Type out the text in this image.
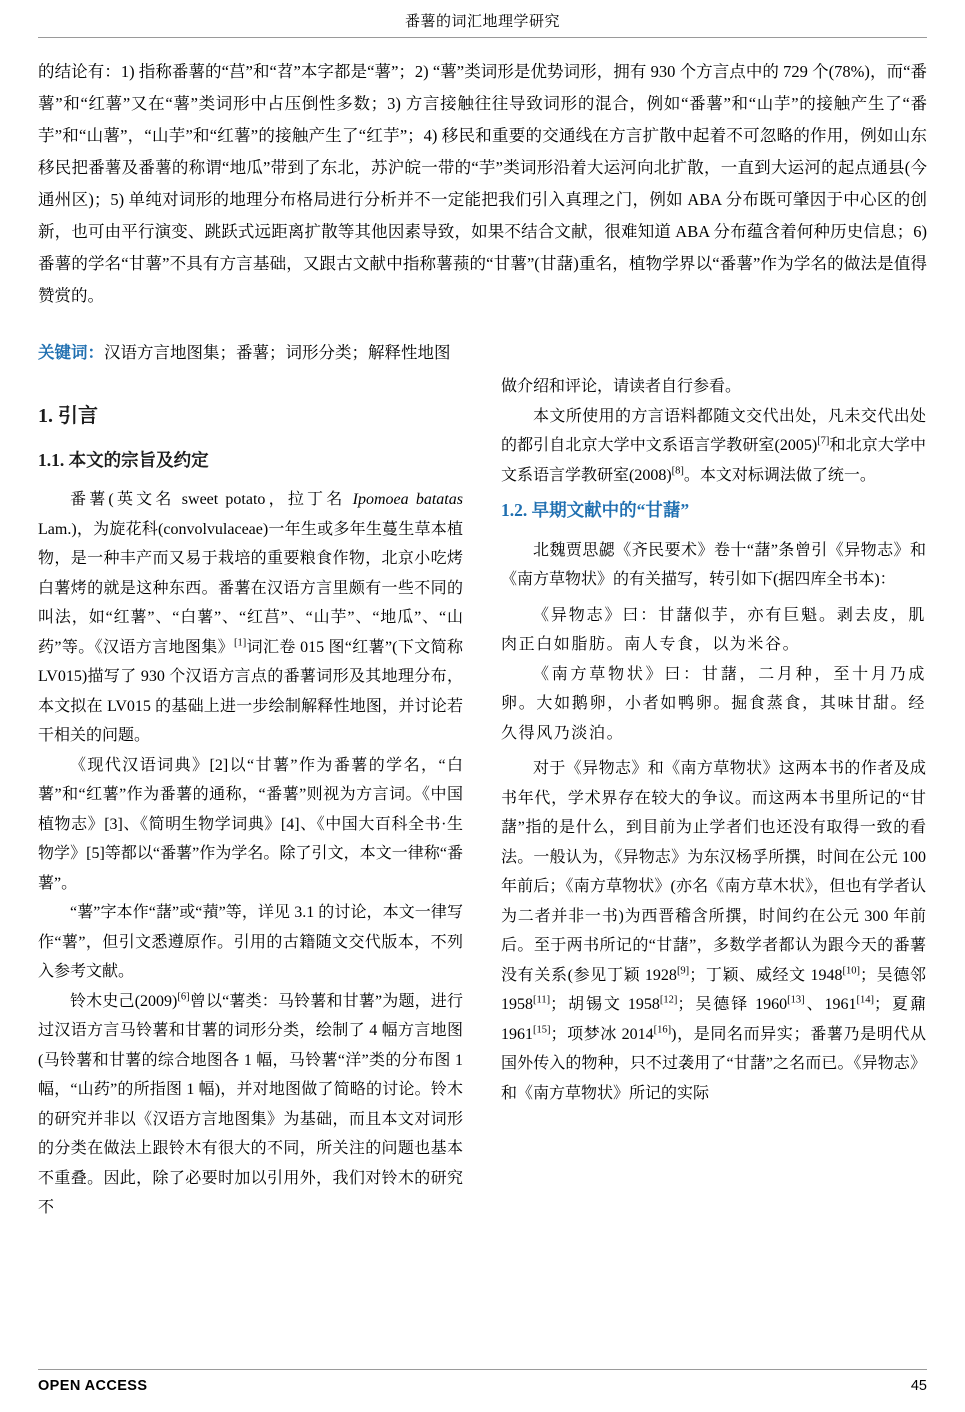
番薯的词汇地理学研究

的结论有：1) 指称番薯的“莒”和“苕”本字都是“薯”；2) “薯”类词形是优势词形，拥有 930 个方言点中的 729 个(78%)，而“番薯”和“红薯”又在“薯”类词形中占压倒性多数；3) 方言接触往往导致词形的混合，例如“番薯”和“山芋”的接触产生了“番芋”和“山薯”，“山芋”和“红薯”的接触产生了“红芋”；4) 移民和重要的交通线在方言扩散中起着不可忽略的作用，例如山东移民把番薯及番薯的称谓“地瓜”带到了东北，苏沪皖一带的“芋”类词形沿着大运河向北扩散，一直到大运河的起点通县(今通州区)；5) 单纯对词形的地理分布格局进行分析并不一定能把我们引入真理之门，例如 ABA 分布既可肇因于中心区的创新，也可由平行演变、跳跃式远距离扩散等其他因素导致，如果不结合文献，很难知道 ABA 分布蕴含着何种历史信息；6) 番薯的学名“甘薯”不具有方言基础，又跟古文献中指称薯蓣的“甘薯”(甘藷)重名，植物学界以“番薯”作为学名的做法是值得赞赏的。

关键词：汉语方言地图集；番薯；词形分类；解释性地图
1. 引言
1.1. 本文的宗旨及约定

番薯(英文名 sweet potato，拉丁名 Ipomoea batatas Lam.)，为旋花科(convolvulaceae)一年生或多年生蔓生草本植物，是一种丰产而又易于栽培的重要粮食作物，北京小吃烤白薯烤的就是这种东西。番薯在汉语方言里颇有一些不同的叫法，如“红薯”、“白薯”、“红莒”、“山芋”、“地瓜”、“山药”等。《汉语方言地图集》[1]词汇卷 015 图“红薯”(下文简称 LV015)描写了 930 个汉语方言点的番薯词形及其地理分布，本文拟在 LV015 的基础上进一步绘制解释性地图，并讨论若干相关的问题。

《现代汉语词典》[2]以“甘薯”作为番薯的学名，“白薯”和“红薯”作为番薯的通称，“番薯”则视为方言词。《中国植物志》[3]、《简明生物学词典》[4]、《中国大百科全书·生物学》[5]等都以“番薯”作为学名。除了引文，本文一律称“番薯”。

“薯”字本作“藷”或“蕷”等，详见 3.1 的讨论，本文一律写作“薯”，但引文悉遵原作。引用的古籍随文交代版本，不列入参考文献。

铃木史己(2009)[6]曾以“薯类：马铃薯和甘薯”为题，进行过汉语方言马铃薯和甘薯的词形分类，绘制了 4 幅方言地图(马铃薯和甘薯的综合地图各 1 幅，马铃薯“洋”类的分布图 1 幅，“山药”的所指图 1 幅)，并对地图做了简略的讨论。铃木的研究并非以《汉语方言地图集》为基础，而且本文对词形的分类在做法上跟铃木有很大的不同，所关注的问题也基本不重叠。因此，除了必要时加以引用外，我们对铃木的研究不

做介绍和评论，请读者自行参看。

本文所使用的方言语料都随文交代出处，凡未交代出处的都引自北京大学中文系语言学教研室(2005)[7]和北京大学中文系语言学教研室(2008)[8]。本文对标调法做了统一。

1.2. 早期文献中的“甘藷”

北魏贾思勰《齐民要术》卷十“藷”条曾引《异物志》和《南方草物状》的有关描写，转引如下(据四库全书本)：

《异物志》曰：甘藷似芋，亦有巨魁。剥去皮，肌肉正白如脂肪。南人专食，以为米谷。

《南方草物状》曰：甘藷，二月种，至十月乃成卵。大如鹅卵，小者如鸭卵。掘食蒸食，其味甘甜。经久得风乃淡泊。

对于《异物志》和《南方草物状》这两本书的作者及成书年代，学术界存在较大的争议。而这两本书里所记的“甘藷”指的是什么，到目前为止学者们也还没有取得一致的看法。一般认为，《异物志》为东汉杨孚所撰，时间在公元 100 年前后；《南方草物状》(亦名《南方草木状》，但也有学者认为二者并非一书)为西晋稽含所撰，时间约在公元 300 年前后。至于两书所记的“甘藷”，多数学者都认为跟今天的番薯没有关系(参见丁颖 1928[9]；丁颖、威经文 1948[10]；吴德邻 1958[11]；胡锡文 1958[12]；吴德铎 1960[13]、1961[14]；夏鼐 1961[15]；项梦冰 2014[16])，是同名而异实；番薯乃是明代从国外传入的物种，只不过袭用了“甘藷”之名而已。《异物志》和《南方草物状》所记的实际

OPEN ACCESS	45
